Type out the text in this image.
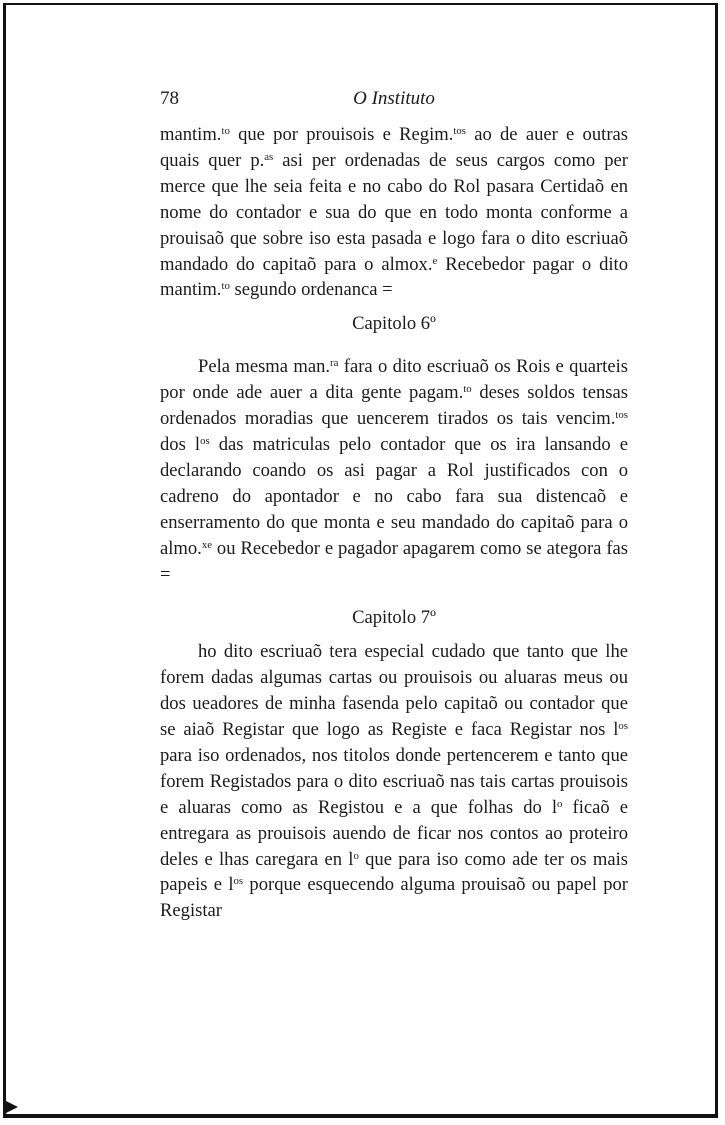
78	O Instituto

mantim.$^{to}$ que por prouisois e Regim.$^{tos}$ ao de auer e outras quais quer p.$^{as}$ asi per ordenadas de seus cargos como per merce que lhe seia feita e no cabo do Rol pasara Certidaõ en nome do contador e sua do que en todo monta conforme a prouisaõ que sobre iso esta pasada e logo fara o dito escriuaõ mandado do capitaõ para o almox.$^e$ Recebedor pagar o dito mantim.$^{to}$ segundo ordenanca =

Capitolo 6º

Pela mesma man.$^{ra}$ fara o dito escriuaõ os Rois e quarteis por onde ade auer a dita gente pagam.$^{to}$ deses soldos tensas ordenados moradias que uencerem tirados os tais vencim.$^{tos}$ dos $l^{os}$ das matriculas pelo contador que os ira lansando e declarando coando os asi pagar a Rol justificados con o cadreno do apontador e no cabo fara sua distencaõ e enserramento do que monta e seu mandado do capitaõ para o almo.$^{xe}$ ou Recebedor e pagador apagarem como se ategora fas =

Capitolo 7º

ho dito escriuaõ tera especial cudado que tanto que lhe forem dadas algumas cartas ou prouisois ou aluaras meus ou dos ueadores de minha fasenda pelo capitaõ ou contador que se aiaõ Registar que logo as Registe e faca Registar nos $l^{os}$ para iso ordenados, nos titolos donde pertencerem e tanto que forem Registados para o dito escriuaõ nas tais cartas prouisois e aluaras como as Registou e a que folhas do $l^o$ ficaõ e entregara as prouisois auendo de ficar nos contos ao proteiro deles e lhas caregara en $l^o$ que para iso como ade ter os mais papeis e $l^{os}$ porque esquecendo alguma prouisaõ ou papel por Registar
